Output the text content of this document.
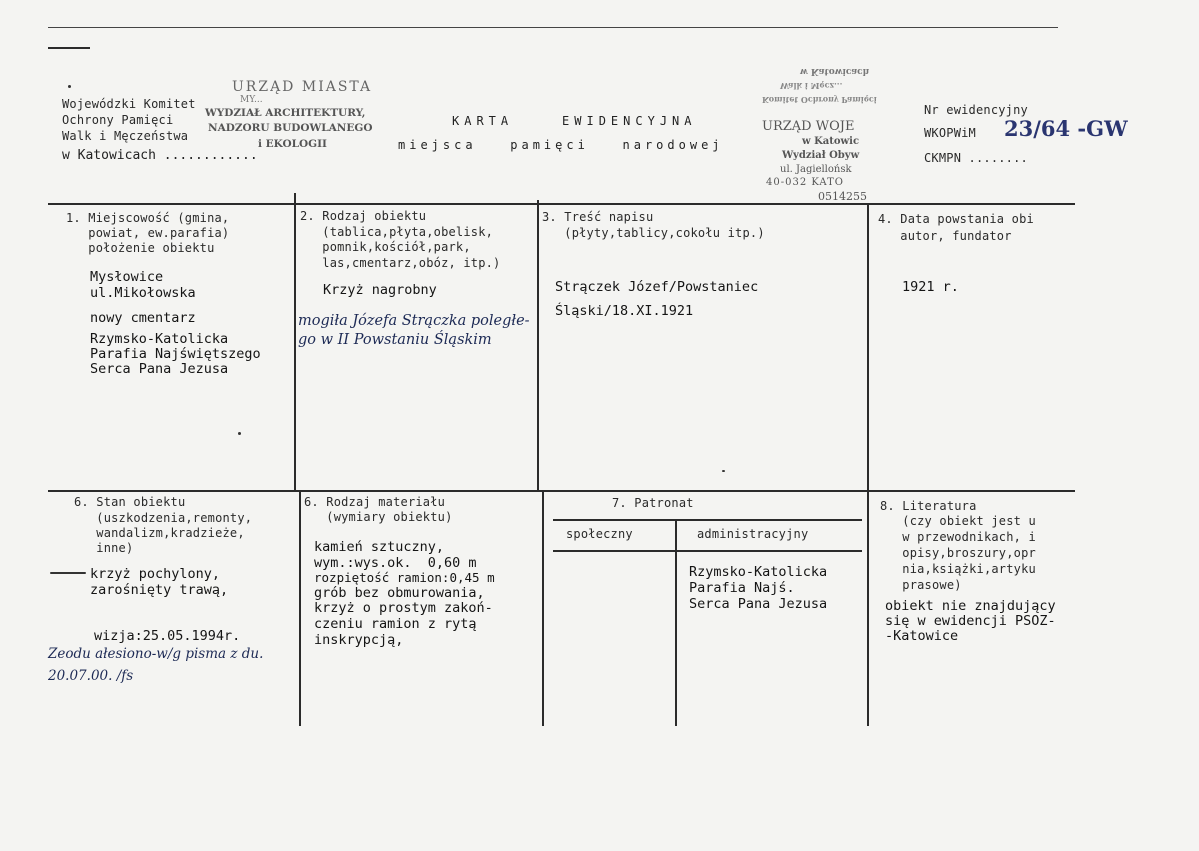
Wojewódzki Komitet
Ochrony Pamięci
Walk i Męczeństwa
w Katowicach ............
URZĄD MIASTA
MY...
WYDZIAŁ ARCHITEKTURY,
NADZORU BUDOWLANEGO
i EKOLOGII
KARTA    EWIDENCYJNA
miejsca   pamięci   narodowej
w Katowicach
Walk i Męcz...
Komitet Ochrony Pamięci
URZĄD WOJE
w Katowic
Wydział Obyw
ul. Jagiellońsk
40-032 KATO
0514255
Nr ewidencyjny
WKOPWiM 23/64 -GW
CKMPN ........
1. Miejscowość (gmina,
powiat, ew.parafia)
położenie obiektu
Mysłowice
ul.Mikołowska
nowy cmentarz
Rzymsko-Katolicka
Parafia Najświętszego
Serca Pana Jezusa
2. Rodzaj obiektu
(tablica,płyta,obelisk,
pomnik,kościół,park,
las,cmentarz,obóz, itp.)
Krzyż nagrobny
mogiła Józefa Strączka poległe-
go w II Powstaniu Śląskim
3. Treść napisu
(płyty,tablicy,cokołu itp.)
Strączek Józef/Powstaniec
Śląski/18.XI.1921
4. Data powstania obi
autor, fundator
1921 r.
6. Stan obiektu
(uszkodzenia,remonty,
wandalizm,kradzieże,
inne)
krzyż pochylony,
zarośnięty trawą,
wizja:25.05.1994r.
Zeodu ałesiono-w/g pisma z du.
20.07.00. /fs
6. Rodzaj materiału
(wymiary obiektu)
kamień sztuczny,
wym.:wys.ok.  0,60 m
rozpiętość ramion:0,45 m
grób bez obmurowania,
krzyż o prostym zakoń-
czeniu ramion z rytą
inskrypcją,
7. Patronat
społeczny	administracyjny
Rzymsko-Katolicka
Parafia Najś.
Serca Pana Jezusa
8. Literatura
(czy obiekt jest u
w przewodnikach, i
opisy,broszury,opr
nia,książki,artyku
prasowe)
obiekt nie znajdujący
się w ewidencji PSOZ-
-Katowice
